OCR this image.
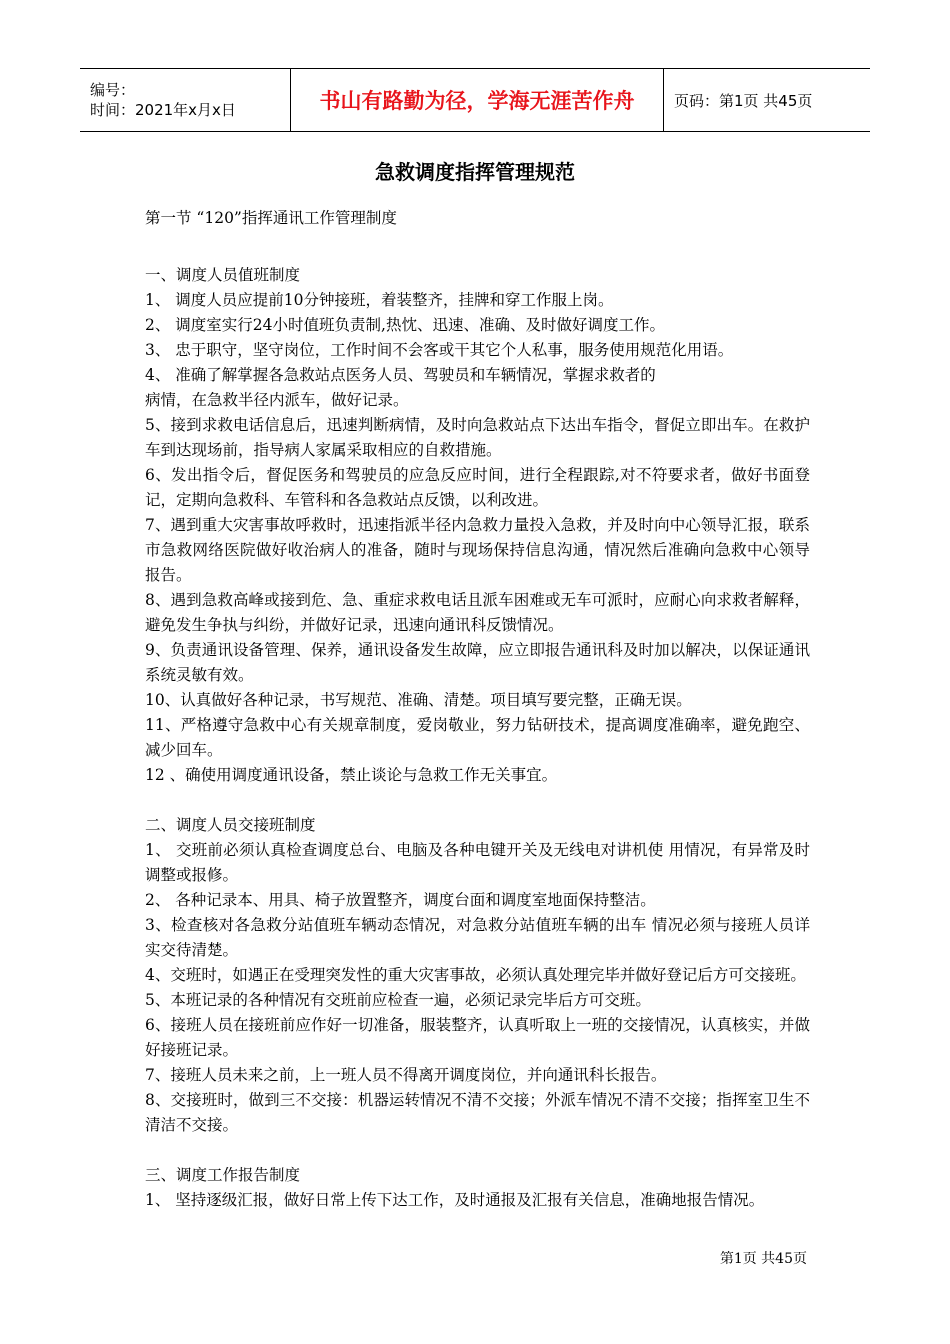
编号：
时间：2021年x月x日	书山有路勤为径，学海无涯苦作舟	页码：第1页 共45页
急救调度指挥管理规范

第一节 “120”指挥通讯工作管理制度

一、调度人员值班制度

1、 调度人员应提前10分钟接班，着装整齐，挂牌和穿工作服上岗。

2、 调度室实行24小时值班负责制,热忱、迅速、准确、及时做好调度工作。

3、 忠于职守，坚守岗位，工作时间不会客或干其它个人私事，服务使用规范化用语。

4、 准确了解掌握各急救站点医务人员、驾驶员和车辆情况，掌握求救者的

病情，在急救半径内派车，做好记录。

5、接到求救电话信息后，迅速判断病情，及时向急救站点下达出车指令，督促立即出车。在救护车到达现场前，指导病人家属采取相应的自救措施。

6、发出指令后，督促医务和驾驶员的应急反应时间，进行全程跟踪,对不符要求者，做好书面登记，定期向急救科、车管科和各急救站点反馈，以利改进。

7、遇到重大灾害事故呼救时，迅速指派半径内急救力量投入急救，并及时向中心领导汇报，联系市急救网络医院做好收治病人的准备，随时与现场保持信息沟通，情况然后准确向急救中心领导报告。

8、遇到急救高峰或接到危、急、重症求救电话且派车困难或无车可派时，应耐心向求救者解释，避免发生争执与纠纷，并做好记录，迅速向通讯科反馈情况。

9、负责通讯设备管理、保养，通讯设备发生故障，应立即报告通讯科及时加以解决，以保证通讯系统灵敏有效。

10、认真做好各种记录，书写规范、准确、清楚。项目填写要完整，正确无误。

11、严格遵守急救中心有关规章制度，爱岗敬业，努力钻研技术，提高调度准确率，避免跑空、减少回车。

12 、确使用调度通讯设备，禁止谈论与急救工作无关事宜。

二、调度人员交接班制度

1、 交班前必须认真检查调度总台、电脑及各种电键开关及无线电对讲机使 用情况，有异常及时调整或报修。

2、 各种记录本、用具、椅子放置整齐，调度台面和调度室地面保持整洁。

3、检查核对各急救分站值班车辆动态情况，对急救分站值班车辆的出车 情况必须与接班人员详实交待清楚。

4、交班时，如遇正在受理突发性的重大灾害事故，必须认真处理完毕并做好登记后方可交接班。

5、本班记录的各种情况有交班前应检查一遍，必须记录完毕后方可交班。

6、接班人员在接班前应作好一切准备，服装整齐，认真听取上一班的交接情况，认真核实，并做好接班记录。

7、接班人员未来之前，上一班人员不得离开调度岗位，并向通讯科长报告。

8、交接班时，做到三不交接：机器运转情况不清不交接；外派车情况不清不交接；指挥室卫生不清洁不交接。

三、调度工作报告制度

1、 坚持逐级汇报，做好日常上传下达工作，及时通报及汇报有关信息，准确地报告情况。

第1页 共45页
